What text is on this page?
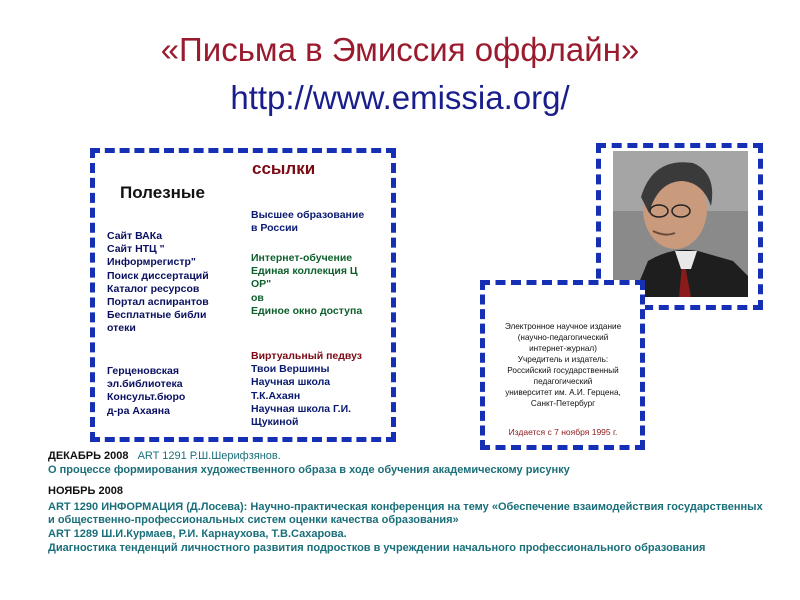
«Письма в Эмиссия оффлайн»
http://www.emissia.org/
Полезные
ссылки
Сайт ВАКа
Сайт НТЦ "
Информрегистр"
Поиск диссертаций
Каталог ресурсов
Портал аспирантов
Бесплатные библи
отеки
Герценовская
эл.библиотека
Консульт.бюро
д-ра Ахаяна
Высшее образование
в России
Интернет-обучение
Единая коллекция Ц
ОР"
ов
Единое окно доступа
Виртуальный педвуз
Твои Вершины
Научная школа
Т.К.Ахаян
Научная школа Г.И.
Щукиной
Электронное научное издание
(научно-педагогический
интернет-журнал)
Учредитель и издатель:
Российский государственный
педагогический
университет им. А.И. Герцена,
Санкт-Петербург
Издается с 7 ноября 1995 г.
ДЕКАБРЬ 2008 ART 1291 Р.Ш.Шерифзянов.
О процессе формирования художественного образа в ходе обучения академическому рисунку
НОЯБРЬ 2008
ART 1290 ИНФОРМАЦИЯ (Д.Лосева): Научно-практическая конференция на тему «Обеспечение взаимодействия государственных и общественно-профессиональных систем оценки качества образования»
ART 1289 Ш.И.Курмаев, Р.И. Карнаухова, Т.В.Сахарова.
Диагностика тенденций личностного развития подростков в учреждении начального профессионального образования
